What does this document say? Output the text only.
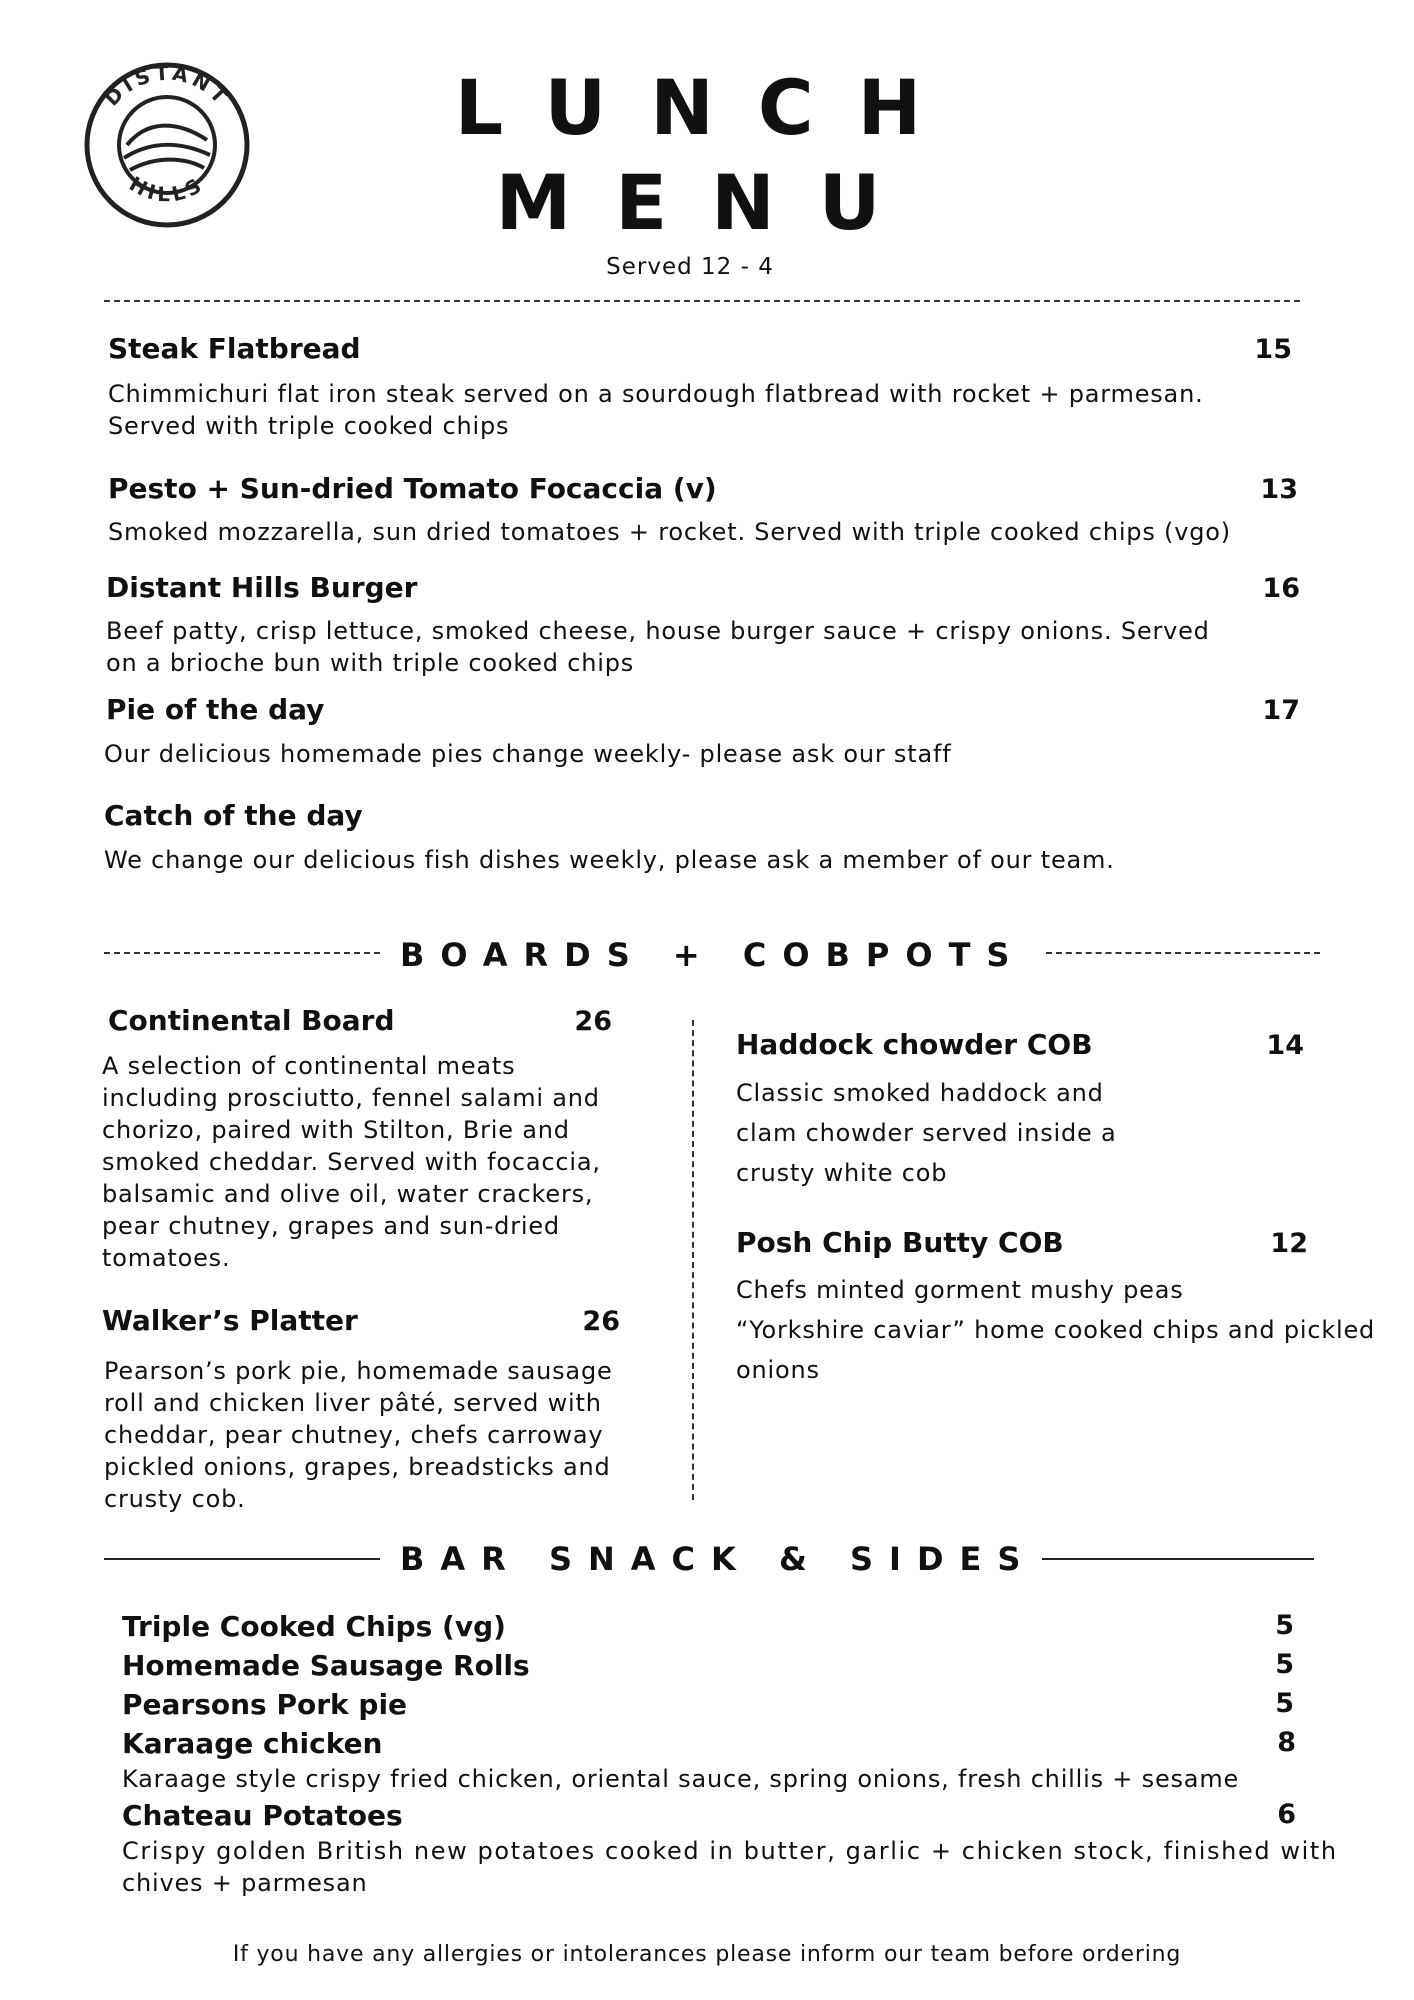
DISTANT
HILLS
LUNCH
MENU
Served 12 - 4
Steak Flatbread	15
Chimmichuri flat iron steak served on a sourdough flatbread with rocket + parmesan.
Served with triple cooked chips
Pesto + Sun-dried Tomato Focaccia (v)	13
Smoked mozzarella, sun dried tomatoes + rocket. Served with triple cooked chips (vgo)
Distant Hills Burger	16
Beef patty, crisp lettuce, smoked cheese, house burger sauce + crispy onions. Served
on a brioche bun with triple cooked chips
Pie of the day	17
Our delicious homemade pies change weekly- please ask our staff
Catch of the day
We change our delicious fish dishes weekly, please ask a member of our team.
BOARDS + COBPOTS
Continental Board	26
A selection of continental meats
including prosciutto, fennel salami and
chorizo, paired with Stilton, Brie and
smoked cheddar. Served with focaccia,
balsamic and olive oil, water crackers,
pear chutney, grapes and sun-dried
tomatoes.
Walker’s Platter	26
Pearson’s pork pie, homemade sausage
roll and chicken liver pâté, served with
cheddar, pear chutney, chefs carroway
pickled onions, grapes, breadsticks and
crusty cob.
Haddock chowder COB	14
Classic smoked haddock and
clam chowder served inside a
crusty white cob
Posh Chip Butty COB	12
Chefs minted gorment mushy peas
“Yorkshire caviar” home cooked chips and pickled
onions
BAR SNACK & SIDES
Triple Cooked Chips (vg)	5
Homemade Sausage Rolls	5
Pearsons Pork pie	5
Karaage chicken	8
Karaage style crispy fried chicken, oriental sauce, spring onions, fresh chillis + sesame
Chateau Potatoes	6
Crispy golden British new potatoes cooked in butter, garlic + chicken stock, finished with
chives + parmesan
If you have any allergies or intolerances please inform our team before ordering
